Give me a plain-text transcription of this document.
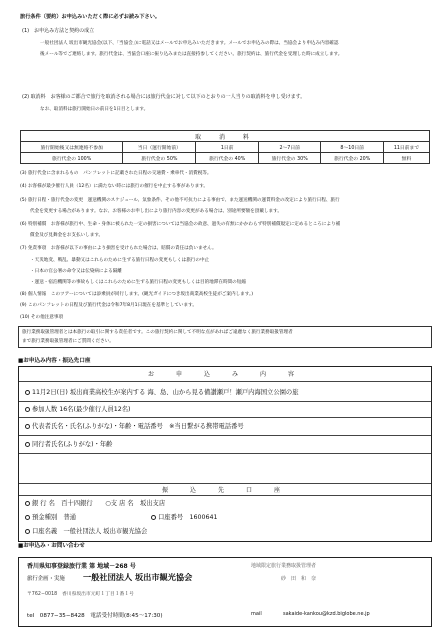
旅行条件（要約）お申込みいただく際に必ずお読み下さい。
(1)　お申込み方法と契約の成立
一般社団法人 坂出市観光協会(以下、「当協会」)に電話又はメールでお申込みいただきます。メールでお申込みの際は、当協会より申込み内容確認
後メール等でご連絡します。旅行代金は、当協会口座に振り込みまたは直接持参してください。旅行契約は、旅行代金を受理した時に成立します。
(2) 取消料　お客様のご都合で旅行を取消される場合には旅行代金に対して以下のとおりの一人当りの取消料を申し受けます。
なお、取消料は旅行開始日の前日を1日目とします。
取　消　料					
旅行開始後又は無連絡不参加	当日（運行開始前）	1日前	2〜7日前	8〜10日前	11日前まで
旅行代金の 100%	旅行代金の 50%	旅行代金の 40%	旅行代金の 30%	旅行代金の 20%	無料
(3) 旅行代金に含まれるもの　パンフレットに記載された日程の交通費・乗車代・消費税等。
(4) お客様が最少催行人員（12名）に満たない時には旅行の催行を中止する事があります。
(5) 旅行日程・旅行代金の変更　運送機関のスケジュール、気象条件、その他不可抗力による事由で、また運送機関の運賃料金の改定により旅行日程、旅行
代金を変更する場合があります。なお、お客様のお申し出により旅行内容の変更がある場合は、別途所要額を頂戴します。
(6) 特別補償　お客様が旅行中、生命・身体に被られた一定の損害については当協会の故意、過失の有無にかかわらず特別補償規定に定めるところにより補
償金及び見舞金をお支払いします。
(7) 免責事項　お客様が以下の事由により損害を受けられた場合は、賠償の責任は負いません。
・天災地変、戦乱、暴動又はこれらのために生ずる旅行日程の変更もしくは旅行の中止
・日本の官公署の命令又は伝染病による隔離
・運送・宿泊機関等の事故もしくはこれらのために生ずる旅行日程の変更もしくは目的地滞在時間の短縮
(8) 個人情報　このツアーについては添乗員が同行します。(観光ガイドにつき坂出商業高校生徒がご案内します。)
(9) このパンフレットの日程及び旅行代金は令和7年8月1日現在を基準としています。
(10) その他注意事項
旅行業務取扱管理者とは本旅行の取引に関する責任者です。この旅行契約に関して不明な点があればご遠慮なく旅行業務取扱管理者
まで旅行業務取扱管理者にご質問ください。
■お申込み内容・振込先口座
お　申　込　み　内　容
11月2日(日) 坂出商業高校生が案内する 海、島、山から見る備讃瀬戸！瀬戸内海国立公園の旅
参加人数 16名(最少催行人員12名)
代表者氏名・氏名(ふりがな)・年齢・電話番号　※当日繋がる携帯電話番号
同行者氏名(ふりがな)・年齢
振　込　先　口　座
銀 行 名　百十四銀行　　○支 店 名　坂出支店
預金種別　普通	口座番号　 1600641
口座名義　一般社団法人 坂出市観光協会
■お申込み・お問い合わせ
香川県知事登録旅行業 第 地域－268 号
旅行企画・実施 一般社団法人 坂出市観光協会
〒762−0018　香川県坂出市元町１丁目１番１号
tel　0877−35−8428　電話受付時間(8:45〜17:30)
地域限定旅行業務取扱管理者
砂　田　和　奈
mail	sakaide-kankou@kzd.biglobe.ne.jp
